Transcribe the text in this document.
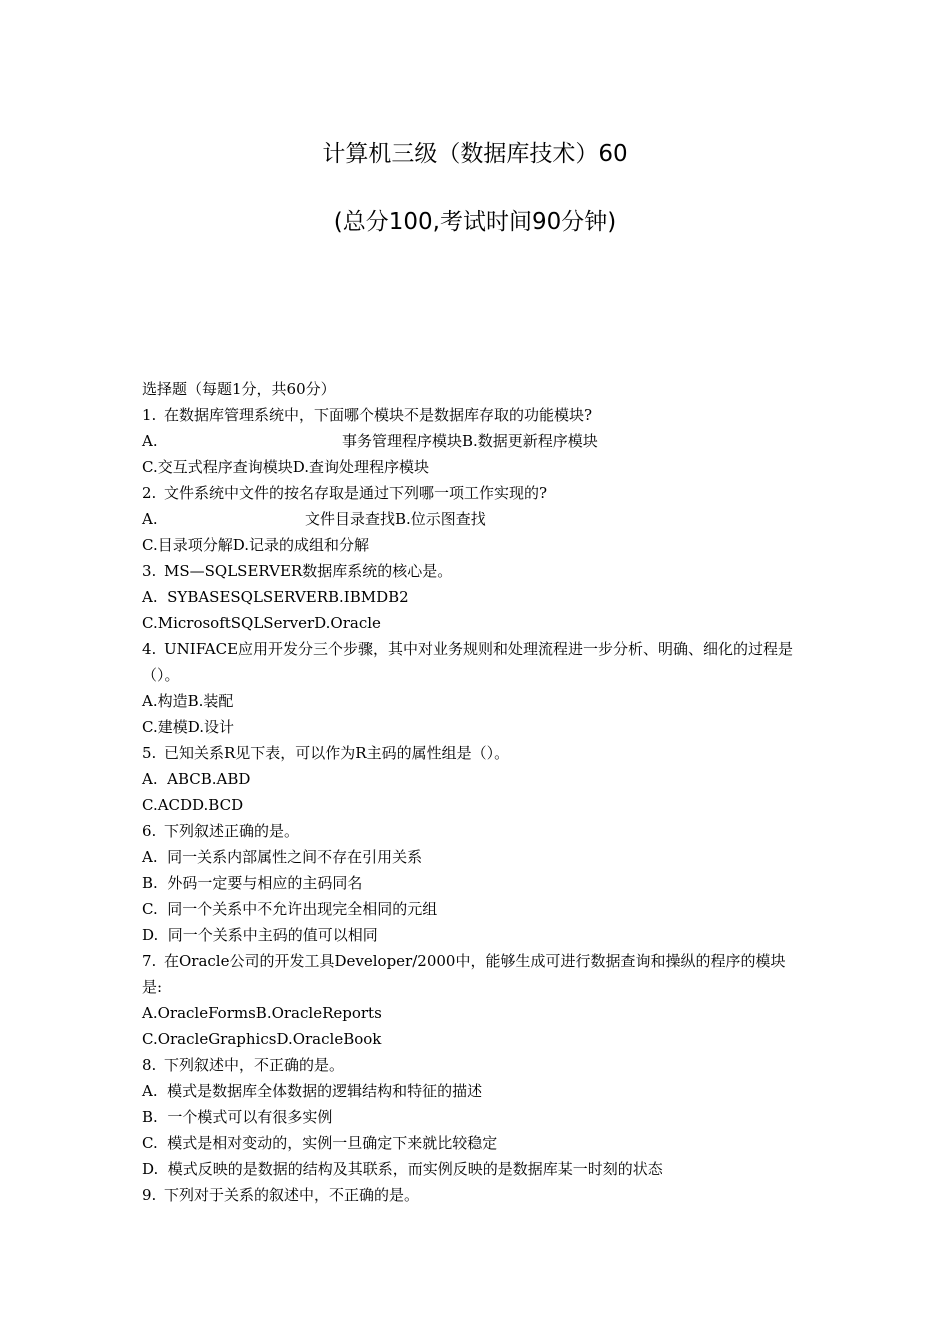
计算机三级（数据库技术）60
(总分100,考试时间90分钟)
选择题（每题1分，共60分）
1. 在数据库管理系统中，下面哪个模块不是数据库存取的功能模块?
A.	事务管理程序模块B.数据更新程序模块
C.交互式程序查询模块D.查询处理程序模块
2. 文件系统中文件的按名存取是通过下列哪一项工作实现的?
A.	文件目录查找B.位示图查找
C.目录项分解D.记录的成组和分解
3. MS—SQLSERVER数据库系统的核心是。
A.  SYBASESQLSERVERB.IBMDB2
C.MicrosoftSQLServerD.Oracle
4. UNIFACE应用开发分三个步骤，其中对业务规则和处理流程进一步分析、明确、细化的过程是（）。
A.构造B.装配
C.建模D.设计
5. 已知关系R见下表，可以作为R主码的属性组是（）。
A.  ABCB.ABD
C.ACDD.BCD
6. 下列叙述正确的是。
A.  同一关系内部属性之间不存在引用关系
B.  外码一定要与相应的主码同名
C.  同一个关系中不允许出现完全相同的元组
D.  同一个关系中主码的值可以相同
7. 在Oracle公司的开发工具Developer/2000中，能够生成可进行数据查询和操纵的程序的模块是:
A.OracleFormsB.OracleReports
C.OracleGraphicsD.OracleBook
8. 下列叙述中，不正确的是。
A.  模式是数据库全体数据的逻辑结构和特征的描述
B.  一个模式可以有很多实例
C.  模式是相对变动的，实例一旦确定下来就比较稳定
D.  模式反映的是数据的结构及其联系，而实例反映的是数据库某一时刻的状态
9. 下列对于关系的叙述中，不正确的是。
